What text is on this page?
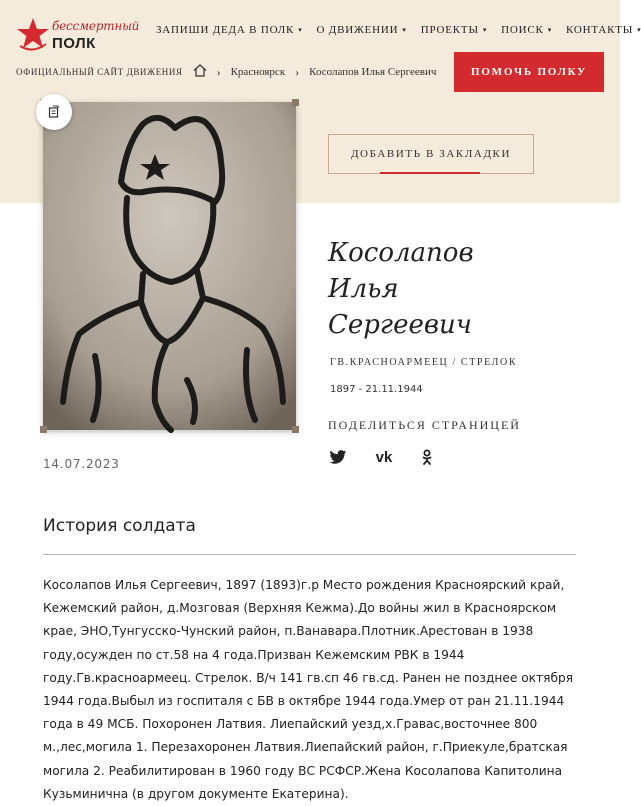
бессмертный
ПОЛК
ЗАПИШИ ДЕДА В ПОЛК ▾ О ДВИЖЕНИИ ▾ ПРОЕКТЫ ▾ ПОИСК ▾ КОНТАКТЫ ▾
ОФИЦИАЛЬНЫЙ САЙТ ДВИЖЕНИЯ	› Красноярск › Косолапов Илья Сергеевич	ПОМОЧЬ ПОЛКУ
14.07.2023
ДОБАВИТЬ В ЗАКЛАДКИ
Косолапов
Илья
Сергеевич
ГВ.КРАСНОАРМЕЕЦ / СТРЕЛОК
1897 - 21.11.1944
ПОДЕЛИТЬСЯ СТРАНИЦЕЙ
vk
История солдата
Косолапов Илья Сергеевич, 1897 (1893)г.р Место рождения Красноярский край, Кежемский район, д.Мозговая (Верхняя Кежма).До войны жил в Красноярском крае, ЭНО,Тунгусско-Чунский район, п.Ванавара.Плотник.Арестован в 1938 году,осужден по ст.58 на 4 года.Призван Кежемским РВК в 1944 году.Гв.красноармеец. Стрелок. В/ч 141 гв.сп 46 гв.сд. Ранен не позднее октября 1944 года.Выбыл из госпиталя с БВ в октябре 1944 года.Умер от ран 21.11.1944 года в 49 МСБ. Похоронен Латвия. Лиепайский уезд,х.Гравас,восточнее 800 м.,лес,могила 1. Перезахоронен Латвия.Лиепайский район, г.Приекуле,братская могила 2. Реабилитирован в 1960 году ВС РСФСР.Жена Косолапова Капитолина Кузьминична (в другом документе Екатерина).
